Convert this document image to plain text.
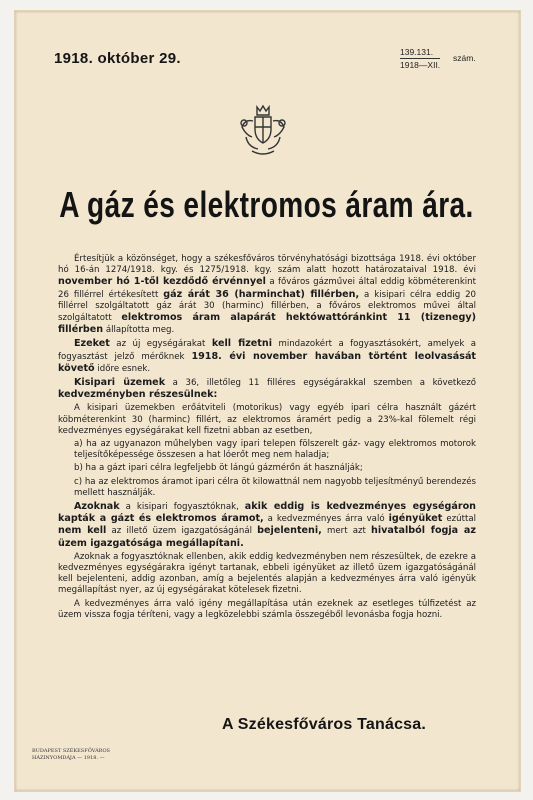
1918. október 29.	139.131.
1918—XII.
szám.
A gáz és elektromos áram ára.

Értesítjük a közönséget, hogy a székesfőváros törvényhatósági bizottsága 1918. évi október hó 16-án 1274/1918. kgy. és 1275/1918. kgy. szám alatt hozott határozataival 1918. évi november hó 1-től kezdődő érvénnyel a főváros gázművei által eddig köbméterenkint 26 fillérrel értékesített gáz árát 36 (harminchat) fillérben, a kisipari célra eddig 20 fillérrel szolgáltatott gáz árát 30 (harminc) fillérben, a főváros elektromos művei által szolgáltatott elektromos áram alapárát hektówattóránkint 11 (tizenegy) fillérben állapította meg.

Ezeket az új egységárakat kell fizetni mindazokért a fogyasztásokért, amelyek a fogyasztást jelző mérőknek 1918. évi november havában történt leolvasását követő időre esnek.

Kisipari üzemek a 36, illetőleg 11 filléres egységárakkal szemben a következő kedvezményben részesülnek:

A kisipari üzemekben erőátviteli (motorikus) vagy egyéb ipari célra használt gázért köbméterenkint 30 (harminc) fillért, az elektromos áramért pedig a 23%-kal fölemelt régi kedvezményes egységárakat kell fizetni abban az esetben,

a) ha az ugyanazon műhelyben vagy ipari telepen fölszerelt gáz- vagy elektromos motorok teljesítőképessége összesen a hat lóerőt meg nem haladja;

b) ha a gázt ipari célra legfeljebb öt lángú gázmérőn át használják;

c) ha az elektromos áramot ipari célra öt kilowattnál nem nagyobb teljesítményű berendezés mellett használják.

Azoknak a kisipari fogyasztóknak, akik eddig is kedvezményes egységáron kapták a gázt és elektromos áramot, a kedvezményes árra való igényüket ezúttal nem kell az illető üzem igazgatóságánál bejelenteni, mert azt hivatalból fogja az üzem igazgatósága megállapítani.

Azoknak a fogyasztóknak ellenben, akik eddig kedvezményben nem részesültek, de ezekre a kedvezményes egységárakra igényt tartanak, ebbeli igényüket az illető üzem igazgatóságánál kell bejelenteni, addig azonban, amíg a bejelentés alapján a kedvezményes árra való igényük megállapítást nyer, az új egységárakat kötelesek fizetni.

A kedvezményes árra való igény megállapítása után ezeknek az esetleges túlfizetést az üzem vissza fogja téríteni, vagy a legközelebbi számla összegéből levonásba fogja hozni.

A Székesfőváros Tanácsa.
BUDAPEST SZÉKESFŐVÁROS
HÁZINYOMDÁJA — 1918. —
